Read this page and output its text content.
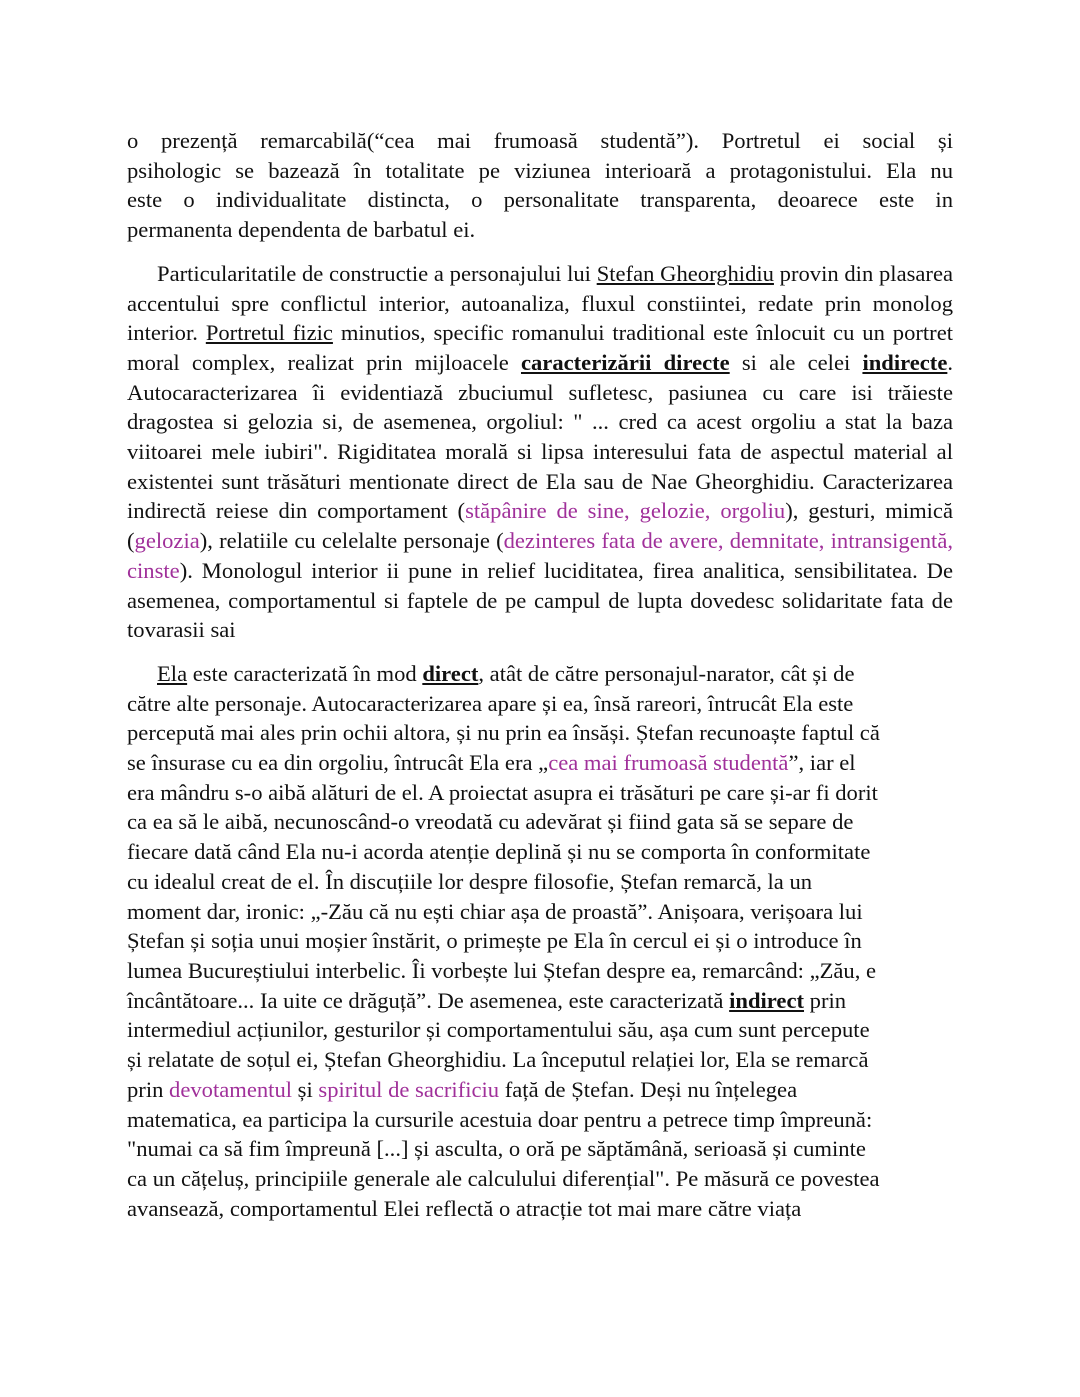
o prezență remarcabilă(“cea mai frumoasă studentă”). Portretul ei social și
psihologic se bazează în totalitate pe viziunea interioară a protagonistului. Ela nu
este o individualitate distincta, o personalitate transparenta, deoarece este in
permanenta dependenta de barbatul ei.

Particularitatile de constructie a personajului lui Stefan Gheorghidiu provin din plasarea accentului spre conflictul interior, autoanaliza, fluxul constiintei, redate prin monolog interior. Portretul fizic minutios, specific romanului traditional este înlocuit cu un portret moral complex, realizat prin mijloacele caracterizării directe si ale celei indirecte. Autocaracterizarea îi evidentiază zbuciumul sufletesc, pasiunea cu care isi trăieste dragostea si gelozia si, de asemenea, orgoliul: " ... cred ca acest orgoliu a stat la baza viitoarei mele iubiri". Rigiditatea morală si lipsa interesului fata de aspectul material al existentei sunt trăsături mentionate direct de Ela sau de Nae Gheorghidiu. Caracterizarea indirectă reiese din comportament (stăpânire de sine, gelozie, orgoliu), gesturi, mimică (gelozia), relatiile cu celelalte personaje (dezinteres fata de avere, demnitate, intransigentă, cinste). Monologul interior ii pune in relief luciditatea, firea analitica, sensibilitatea. De asemenea, comportamentul si faptele de pe campul de lupta dovedesc solidaritate fata de tovarasii sai

Ela este caracterizată în mod direct, atât de către personajul-narator, cât și de
către alte personaje. Autocaracterizarea apare și ea, însă rareori, întrucât Ela este
percepută mai ales prin ochii altora, și nu prin ea însăși. Ștefan recunoaște faptul că
se însurase cu ea din orgoliu, întrucât Ela era „cea mai frumoasă studentă”, iar el
era mândru s-o aibă alături de el. A proiectat asupra ei trăsături pe care și-ar fi dorit
ca ea să le aibă, necunoscând-o vreodată cu adevărat și fiind gata să se separe de
fiecare dată când Ela nu-i acorda atenție deplină și nu se comporta în conformitate
cu idealul creat de el. În discuțiile lor despre filosofie, Ștefan remarcă, la un
moment dar, ironic: „-Zău că nu ești chiar așa de proastă”. Anișoara, verișoara lui
Ștefan și soția unui moșier înstărit, o primește pe Ela în cercul ei și o introduce în
lumea Bucureștiului interbelic. Îi vorbește lui Ștefan despre ea, remarcând: „Zău, e
încântătoare... Ia uite ce drăguță”. De asemenea, este caracterizată indirect prin
intermediul acțiunilor, gesturilor și comportamentului său, așa cum sunt percepute
și relatate de soțul ei, Ștefan Gheorghidiu. La începutul relației lor, Ela se remarcă
prin devotamentul și spiritul de sacrificiu față de Ștefan. Deși nu înțelegea
matematica, ea participa la cursurile acestuia doar pentru a petrece timp împreună:
"numai ca să fim împreună [...] și asculta, o oră pe săptămână, serioasă și cuminte
ca un cățeluș, principiile generale ale calculului diferențial". Pe măsură ce povestea
avansează, comportamentul Elei reflectă o atracție tot mai mare către viața
